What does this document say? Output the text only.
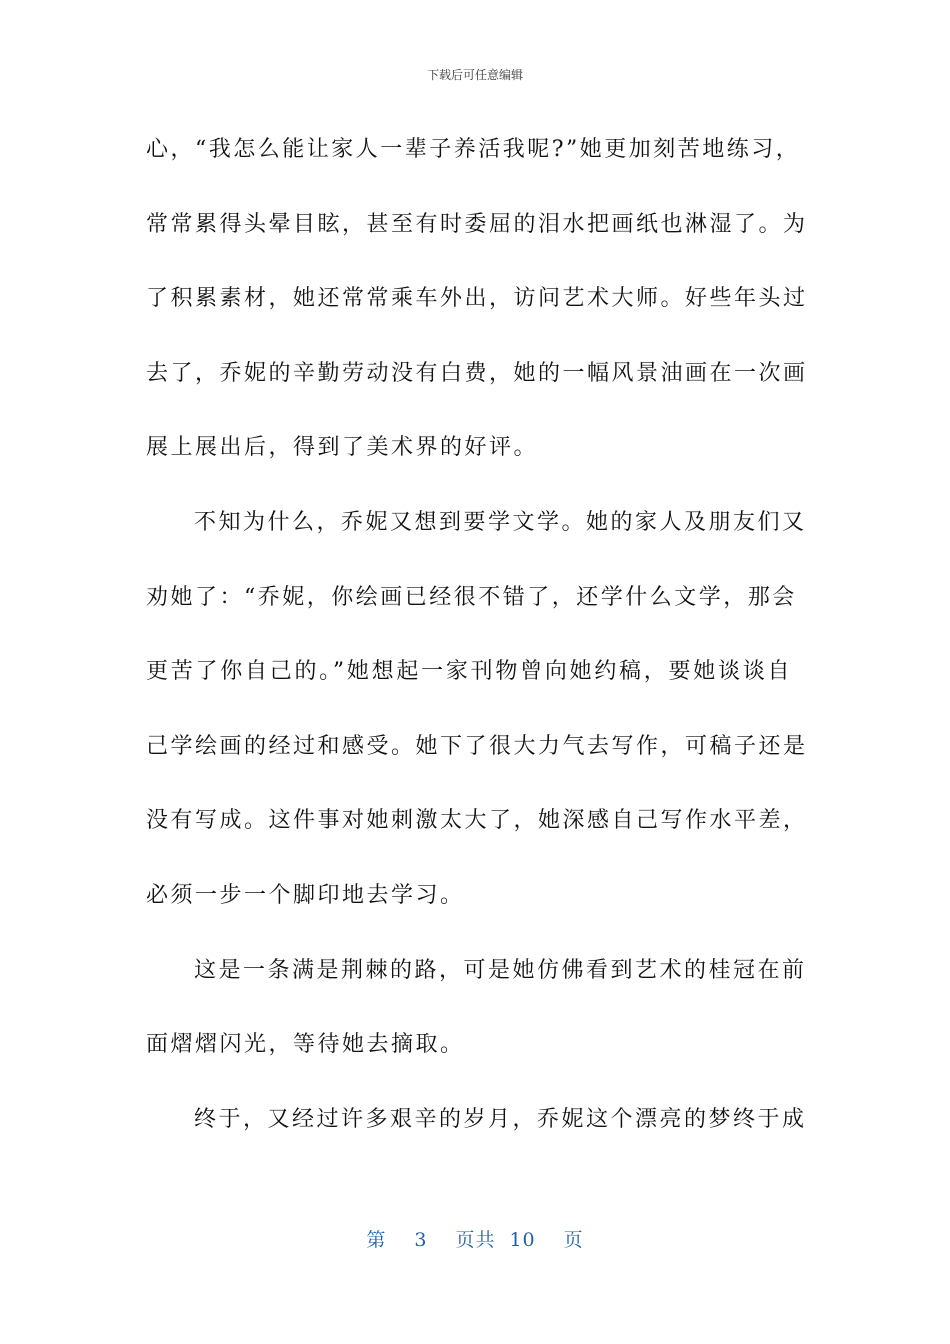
下载后可任意编辑
心，“我怎么能让家人一辈子养活我呢?”她更加刻苦地练习，
常常累得头晕目眩，甚至有时委屈的泪水把画纸也淋湿了。为
了积累素材，她还常常乘车外出，访问艺术大师。好些年头过
去了，乔妮的辛勤劳动没有白费，她的一幅风景油画在一次画
展上展出后，得到了美术界的好评。
不知为什么，乔妮又想到要学文学。她的家人及朋友们又
劝她了：“乔妮，你绘画已经很不错了，还学什么文学，那会
更苦了你自己的。”她想起一家刊物曾向她约稿，要她谈谈自
己学绘画的经过和感受。她下了很大力气去写作，可稿子还是
没有写成。这件事对她刺激太大了，她深感自己写作水平差，
必须一步一个脚印地去学习。
这是一条满是荆棘的路，可是她仿佛看到艺术的桂冠在前
面熠熠闪光，等待她去摘取。
终于，又经过许多艰辛的岁月，乔妮这个漂亮的梦终于成
第 3 页共 10 页
